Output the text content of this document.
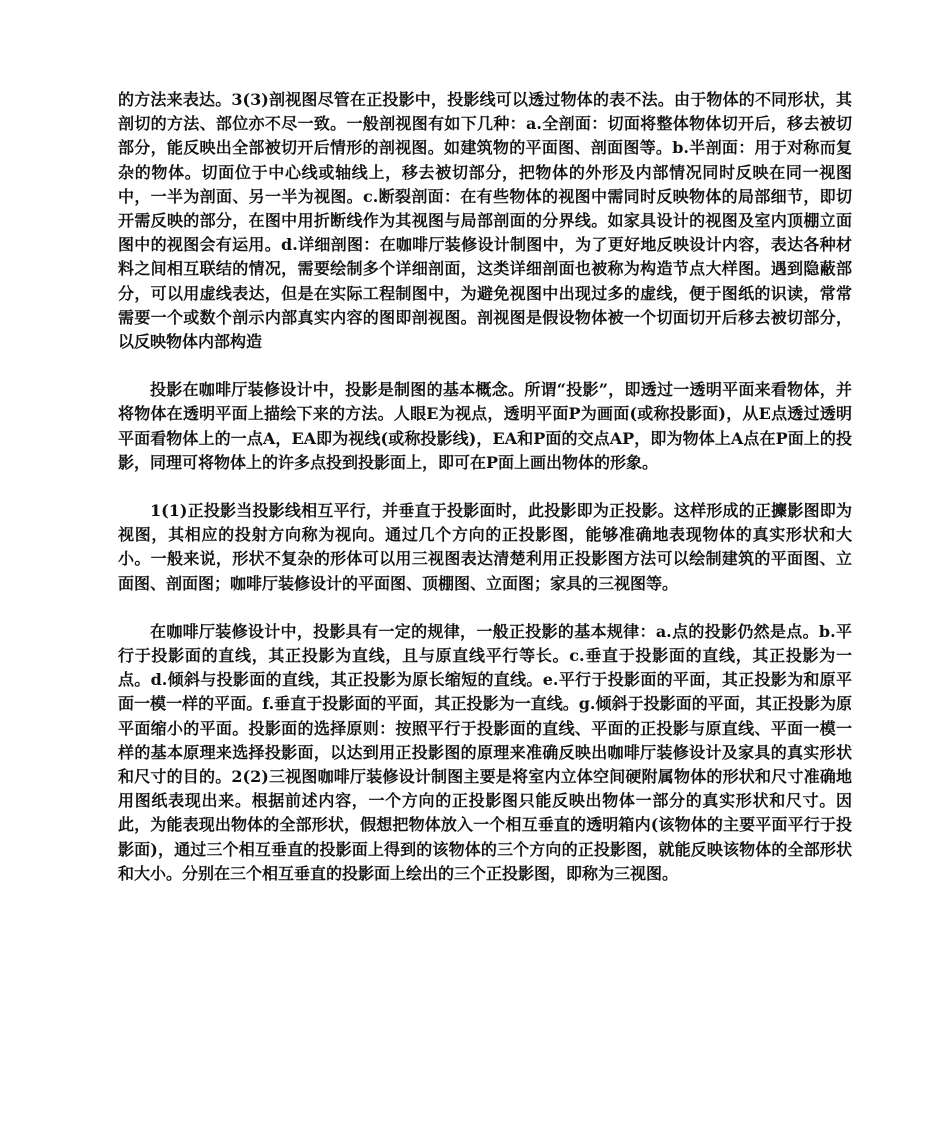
的方法来表达。3(3)剖视图尽管在正投影中，投影线可以透过物体的表不法。由于物体的不同形状，其剖切的方法、部位亦不尽一致。一般剖视图有如下几种：a.全剖面：切面将整体物体切开后，移去被切部分，能反映出全部被切开后情形的剖视图。如建筑物的平面图、剖面图等。b.半剖面：用于对称而复杂的物体。切面位于中心线或轴线上，移去被切部分，把物体的外形及内部情况同时反映在同一视图中，一半为剖面、另一半为视图。c.断裂剖面：在有些物体的视图中需同时反映物体的局部细节，即切开需反映的部分，在图中用折断线作为其视图与局部剖面的分界线。如家具设计的视图及室内顶棚立面图中的视图会有运用。d.详细剖图：在咖啡厅装修设计制图中，为了更好地反映设计内容，表达各种材料之间相互联结的情况，需要绘制多个详细剖面，这类详细剖面也被称为构造节点大样图。遇到隐蔽部分，可以用虚线表达，但是在实际工程制图中，为避免视图中出现过多的虚线，便于图纸的识读，常常需要一个或数个剖示内部真实内容的图即剖视图。剖视图是假设物体被一个切面切开后移去被切部分，以反映物体内部构造

投影在咖啡厅装修设计中，投影是制图的基本概念。所谓“投影”，即透过一透明平面来看物体，并将物体在透明平面上描绘下来的方法。人眼E为视点，透明平面P为画面(或称投影面)，从E点透过透明平面看物体上的一点A，EA即为视线(或称投影线)，EA和P面的交点AP，即为物体上A点在P面上的投影，同理可将物体上的许多点投到投影面上，即可在P面上画出物体的形象。

1(1)正投影当投影线相互平行，并垂直于投影面时，此投影即为正投影。这样形成的正攈影图即为视图，其相应的投射方向称为视向。通过几个方向的正投影图，能够准确地表现物体的真实形状和大小。一般来说，形状不复杂的形体可以用三视图表达清楚利用正投影图方法可以绘制建筑的平面图、立面图、剖面图；咖啡厅装修设计的平面图、顶棚图、立面图；家具的三视图等。

在咖啡厅装修设计中，投影具有一定的规律，一般正投影的基本规律：a.点的投影仍然是点。b.平行于投影面的直线，其正投影为直线，且与原直线平行等长。c.垂直于投影面的直线，其正投影为一点。d.倾斜与投影面的直线，其正投影为原长缩短的直线。e.平行于投影面的平面，其正投影为和原平面一模一样的平面。f.垂直于投影面的平面，其正投影为一直线。g.倾斜于投影面的平面，其正投影为原平面缩小的平面。投影面的选择原则：按照平行于投影面的直线、平面的正投影与原直线、平面一模一样的基本原理来选择投影面，以达到用正投影图的原理来准确反映出咖啡厅装修设计及家具的真实形状和尺寸的目的。2(2)三视图咖啡厅装修设计制图主要是将室内立体空间硬附属物体的形状和尺寸准确地用图纸表现出来。根据前述内容，一个方向的正投影图只能反映出物体一部分的真实形状和尺寸。因此，为能表现出物体的全部形状，假想把物体放入一个相互垂直的透明箱内(该物体的主要平面平行于投影面)，通过三个相互垂直的投影面上得到的该物体的三个方向的正投影图，就能反映该物体的全部形状和大小。分别在三个相互垂直的投影面上绘出的三个正投影图，即称为三视图。
